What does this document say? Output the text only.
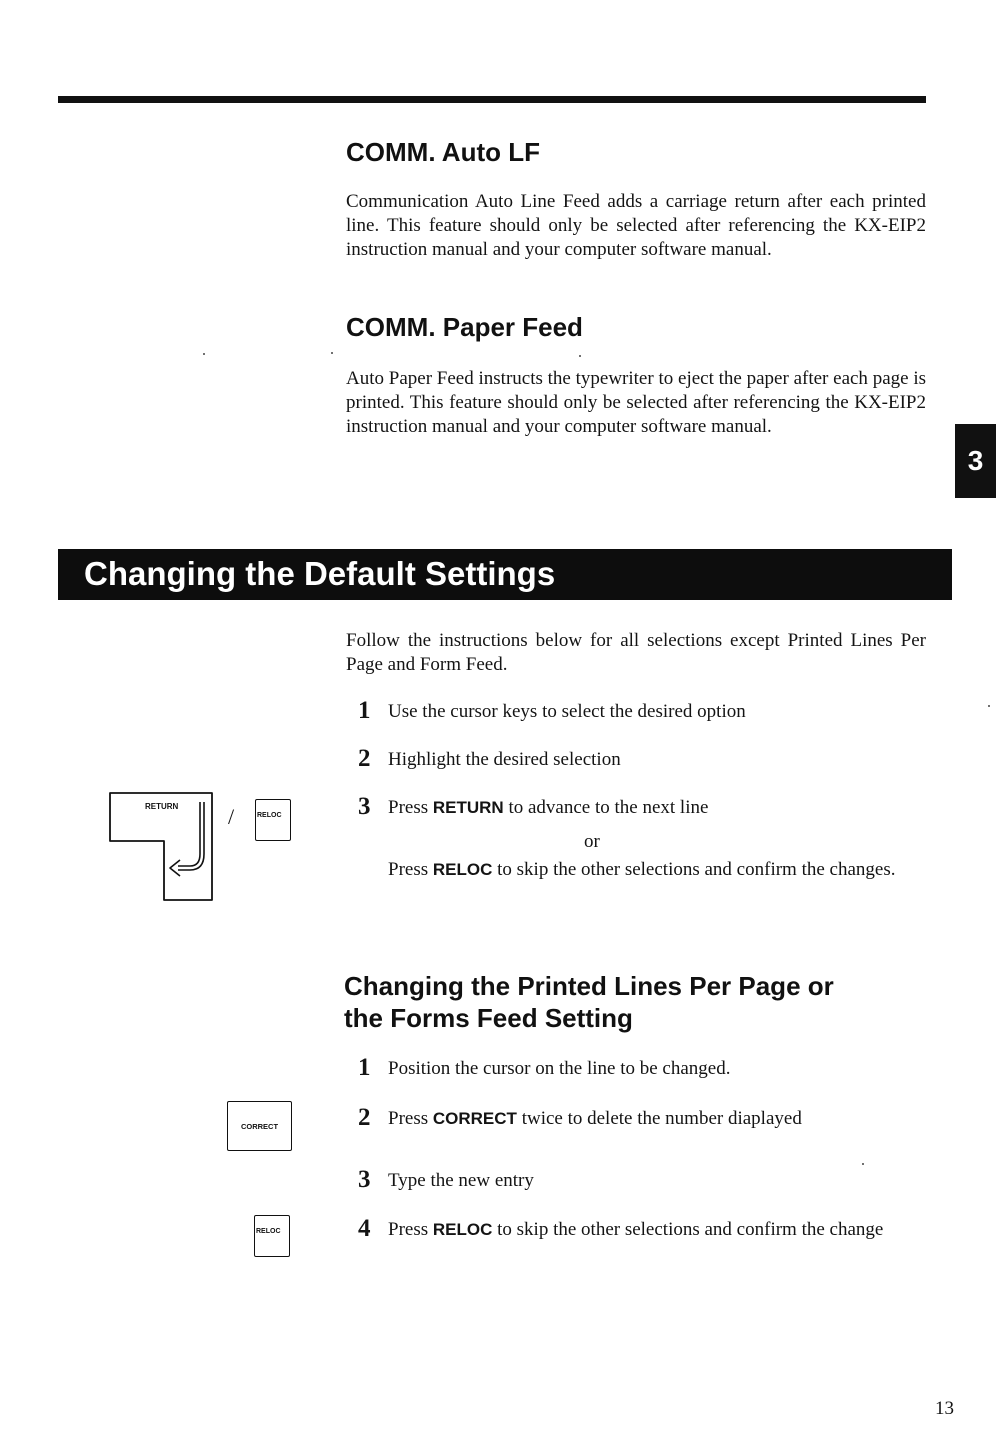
COMM. Auto LF

Communication Auto Line Feed adds a carriage return after each printed line. This feature should only be selected after referencing the KX-EIP2 instruction manual and your computer software manual.

COMM. Paper Feed

Auto Paper Feed instructs the typewriter to eject the paper after each page is printed. This feature should only be selected after referencing the KX-EIP2 instruction manual and your computer software manual.

3
Changing the Default Settings

Follow the instructions below for all selections except Printed Lines Per Page and Form Feed.

1 Use the cursor keys to select the desired option
2 Highlight the desired selection
3 Press RETURN to advance to the next line
or
Press RELOC to skip the other selections and confirm the changes.
RETURN /	RELOC
Changing the Printed Lines Per Page or
the Forms Feed Setting
1 Position the cursor on the line to be changed.
2 Press CORRECT twice to delete the number diaplayed
3 Type the new entry
4 Press RELOC to skip the other selections and confirm the change
CORRECT
RELOC
13
